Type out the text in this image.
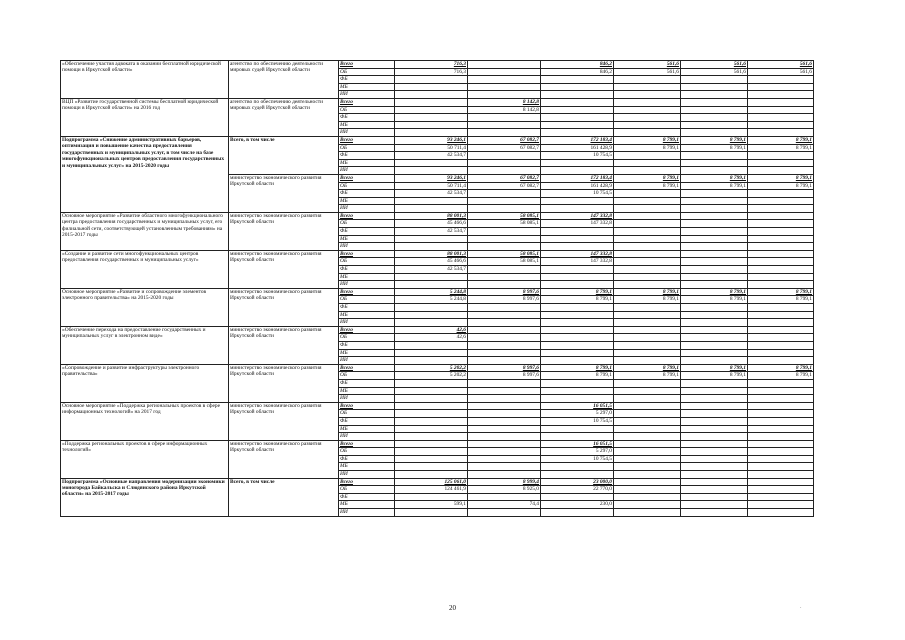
«Обеспечение участия адвоката в оказании бесплатной юридической помощи в Иркутской области»	агентство по обеспечению деятельности мировых судей Иркутской области	Всего	716,3		846,2	561,6	561,6	561,6
		ОБ	716,3		846,2	561,6	561,6	561,6
		ФБ						
		МБ						
		ИИ						
ВЦП «Развитие государственной системы бесплатной юридической помощи в Иркутской области» на 2016 год	агентство по обеспечению деятельности мировых судей Иркутской области	Всего		8 142,8				
		ОБ		8 142,8				
		ФБ						
		МБ						
		ИИ						
Подпрограмма «Снижение административных барьеров, оптимизация и повышение качества предоставления государственных и муниципальных услуг, в том числе на базе многофункциональных центров предоставления государственных и муниципальных услуг» на 2015-2020 годы	Всего, в том числе	Всего	93 246,1	67 082,7	172 183,4	8 799,1	8 799,1	8 799,1
		ОБ	50 711,4	67 082,7	161 428,9	8 799,1	8 799,1	8 799,1
		ФБ	42 534,7		10 754,5			
		МБ						
		ИИ						
	министерство экономического развития Иркутской области	Всего	93 246,1	67 082,7	172 183,4	8 799,1	8 799,1	8 799,1
		ОБ	50 711,4	67 082,7	161 428,9	8 799,1	8 799,1	8 799,1
		ФБ	42 534,7		10 754,5			
		МБ						
		ИИ						
Основное мероприятие «Развитие областного многофункционального центра предоставления государственных и муниципальных услуг, его филиальной сети, соответствующей установленным требованиям» на 2015-2017 годы	министерство экономического развития Иркутской области	Всего	88 001,3	58 085,1	147 332,8			
		ОБ	45 466,6	58 085,1	147 332,8			
		ФБ	42 534,7					
		МБ						
		ИИ						
«Создание и развитие сети многофункциональных центров предоставления государственных и муниципальных услуг»	министерство экономического развития Иркутской области	Всего	88 001,3	58 085,1	147 332,8			
		ОБ	45 466,6	58 085,1	147 332,8			
		ФБ	42 534,7					
		МБ						
		ИИ						
Основное мероприятие «Развитие и сопровождение элементов электронного правительства» на 2015-2020 годы	министерство экономического развития Иркутской области	Всего	5 244,8	8 997,6	8 799,1	8 799,1	8 799,1	8 799,1
		ОБ	5 244,8	8 997,6	8 799,1	8 799,1	8 799,1	8 799,1
		ФБ						
		МБ						
		ИИ						
«Обеспечение перехода на предоставление государственных и муниципальных услуг в электронном виде»	министерство экономического развития Иркутской области	Всего	42,6					
		ОБ	42,6					
		ФБ						
		МБ						
		ИИ						
«Сопровождение и развитие инфраструктуры электронного правительства»	министерство экономического развития Иркутской области	Всего	5 202,2	8 997,6	8 799,1	8 799,1	8 799,1	8 799,1
		ОБ	5 202,2	8 997,6	8 799,1	8 799,1	8 799,1	8 799,1
		ФБ						
		МБ						
		ИИ						
Основное мероприятие «Поддержка региональных проектов в сфере информационных технологий» на 2017 год	министерство экономического развития Иркутской области	Всего			16 051,5			
		ОБ			5 297,0			
		ФБ			10 754,5			
		МБ						
		ИИ						
«Поддержка региональных проектов в сфере информационных технологий»	министерство экономического развития Иркутской области	Всего			16 051,5			
		ОБ			5 297,0			
		ФБ			10 754,5			
		МБ						
		ИИ						
Подпрограмма «Основные направления модернизации экономики моногорода Байкальска и Слюдянского района Иркутской области» на 2015-2017 годы	Всего, в том числе	Всего	125 061,0	8 999,4	23 000,0			
		ОБ	124 461,9	8 925,0	22 770,0			
		ФБ						
		МБ	599,1	74,4	230,0			
		ИИ						
20	.
